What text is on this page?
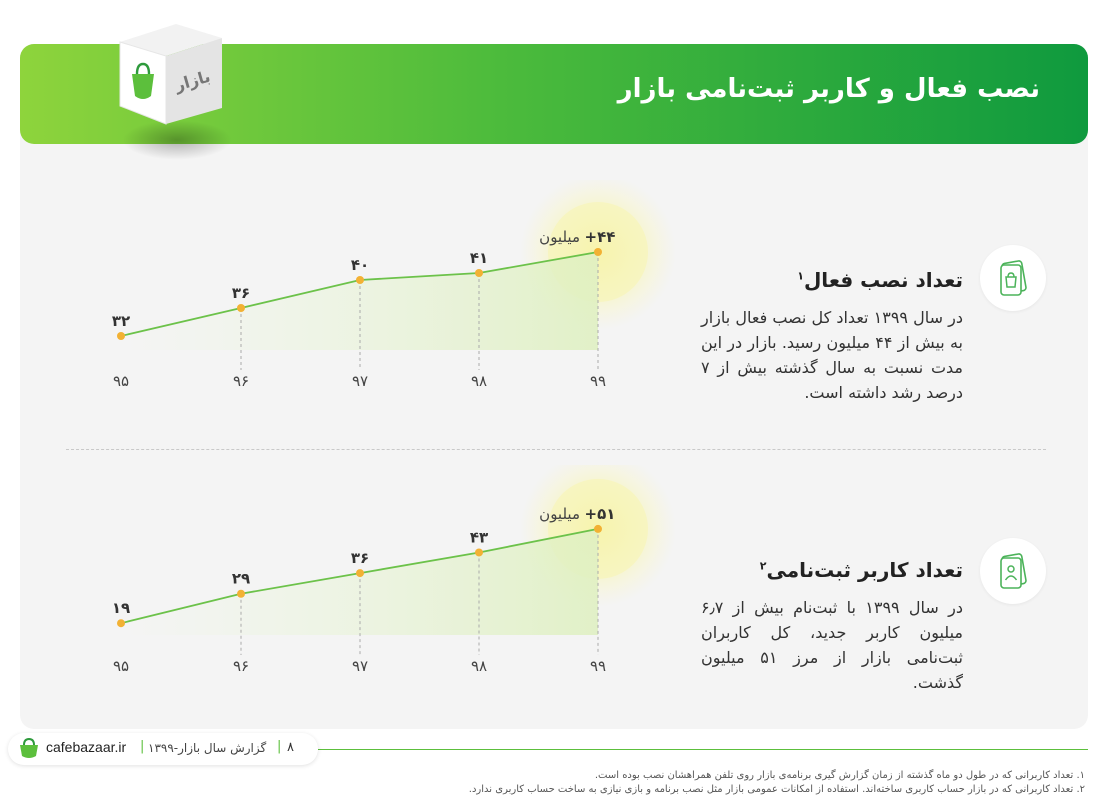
نصب فعال و کاربر ثبت‌نامی بازار
بازار
۹۵
۳۲
۹۶
۳۶
۹۷
۴۰
۹۸
۴۱
۹۹
+۴۴
میلیون
تعداد نصب فعال$^۱$
در سال ۱۳۹۹ تعداد کل نصب فعال بازار به بیش از ۴۴ میلیون رسید. بازار در این مدت نسبت به سال گذشته بیش از ۷ درصد رشد داشته است.
۹۵
۱۹
۹۶
۲۹
۹۷
۳۶
۹۸
۴۳
۹۹
+۵۱
میلیون
تعداد کاربر ثبت‌نامی$^۲$
در سال ۱۳۹۹ با ثبت‌نام بیش از ۶٫۷ میلیون کاربر جدید، کل کاربران ثبت‌نامی بازار از مرز ۵۱ میلیون گذشت.
cafebazaar.ir | گزارش سال بازار-۱۳۹۹ | ۸
۱. تعداد کاربرانی که در طول دو ماه گذشته از زمان گزارش گیری برنامه‌ی بازار روی تلفن همراهشان نصب بوده است.
۲. تعداد کاربرانی که در بازار حساب کاربری ساخته‌اند. استفاده از امکانات عمومی بازار مثل نصب برنامه و بازی نیازی به ساخت حساب کاربری ندارد.
